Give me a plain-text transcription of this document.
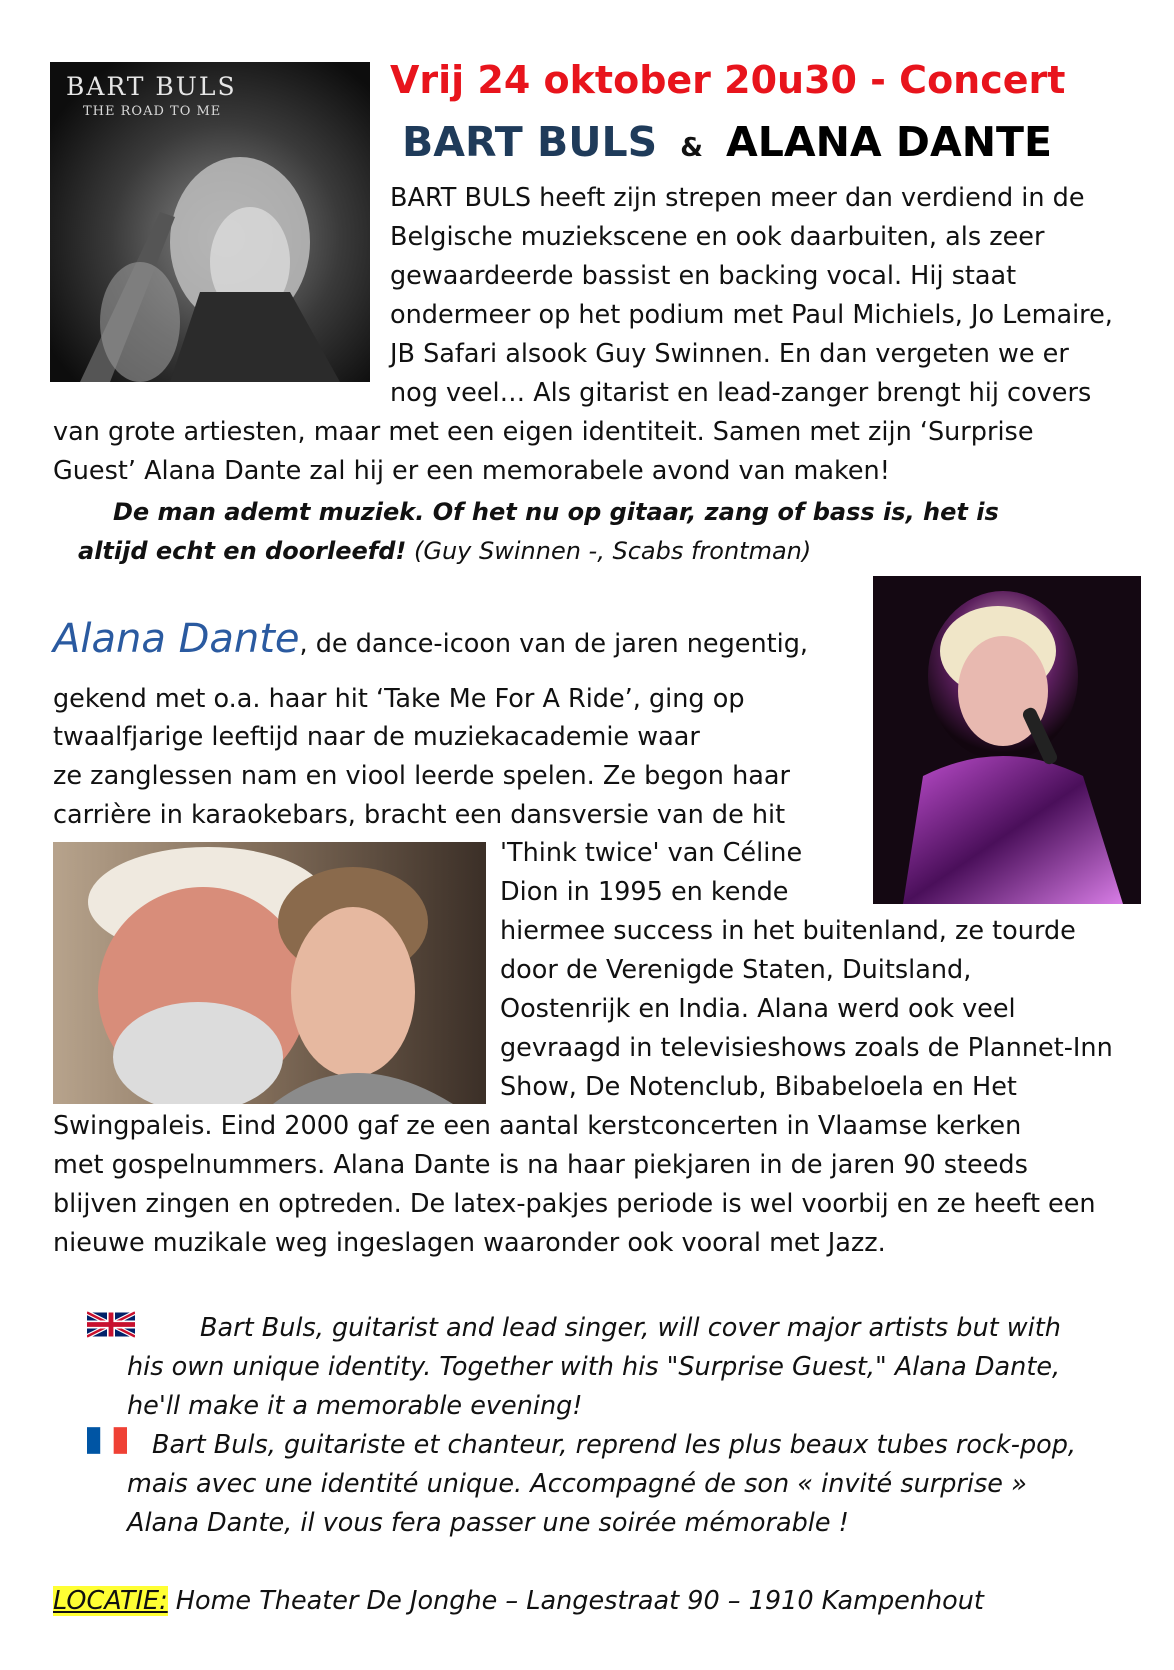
BART BULS
THE ROAD TO ME
Vrij 24 oktober 20u30 - Concert
BART BULS & ALANA DANTE
BART BULS heeft zijn strepen meer dan verdiend in de
Belgische muziekscene en ook daarbuiten, als zeer
gewaardeerde bassist en backing vocal. Hij staat
ondermeer op het podium met Paul Michiels, Jo Lemaire,
JB Safari alsook Guy Swinnen. En dan vergeten we er
nog veel… Als gitarist en lead-zanger brengt hij covers
van grote artiesten, maar met een eigen identiteit. Samen met zijn ‘Surprise
Guest’ Alana Dante zal hij er een memorabele avond van maken!
De man ademt muziek. Of het nu op gitaar, zang of bass is, het is
altijd echt en doorleefd! (Guy Swinnen -, Scabs frontman)
Alana Dante, de dance-icoon van de jaren negentig,
gekend met o.a. haar hit ‘Take Me For A Ride’, ging op
twaalfjarige leeftijd naar de muziekacademie waar
ze zanglessen nam en viool leerde spelen. Ze begon haar
carrière in karaokebars, bracht een dansversie van de hit
'Think twice' van Céline
Dion in 1995 en kende
hiermee success in het buitenland, ze tourde
door de Verenigde Staten, Duitsland,
Oostenrijk en India. Alana werd ook veel
gevraagd in televisieshows zoals de Plannet-Inn
Show, De Notenclub, Bibabeloela en Het
Swingpaleis. Eind 2000 gaf ze een aantal kerstconcerten in Vlaamse kerken
met gospelnummers. Alana Dante is na haar piekjaren in de jaren 90 steeds
blijven zingen en optreden. De latex-pakjes periode is wel voorbij en ze heeft een
nieuwe muzikale weg ingeslagen waaronder ook vooral met Jazz.
Bart Buls, guitarist and lead singer, will cover major artists but with
his own unique identity. Together with his "Surprise Guest," Alana Dante,
he'll make it a memorable evening!
Bart Buls, guitariste et chanteur, reprend les plus beaux tubes rock-pop,
mais avec une identité unique. Accompagné de son « invité surprise »
Alana Dante, il vous fera passer une soirée mémorable !
LOCATIE: Home Theater De Jonghe – Langestraat 90 – 1910 Kampenhout
